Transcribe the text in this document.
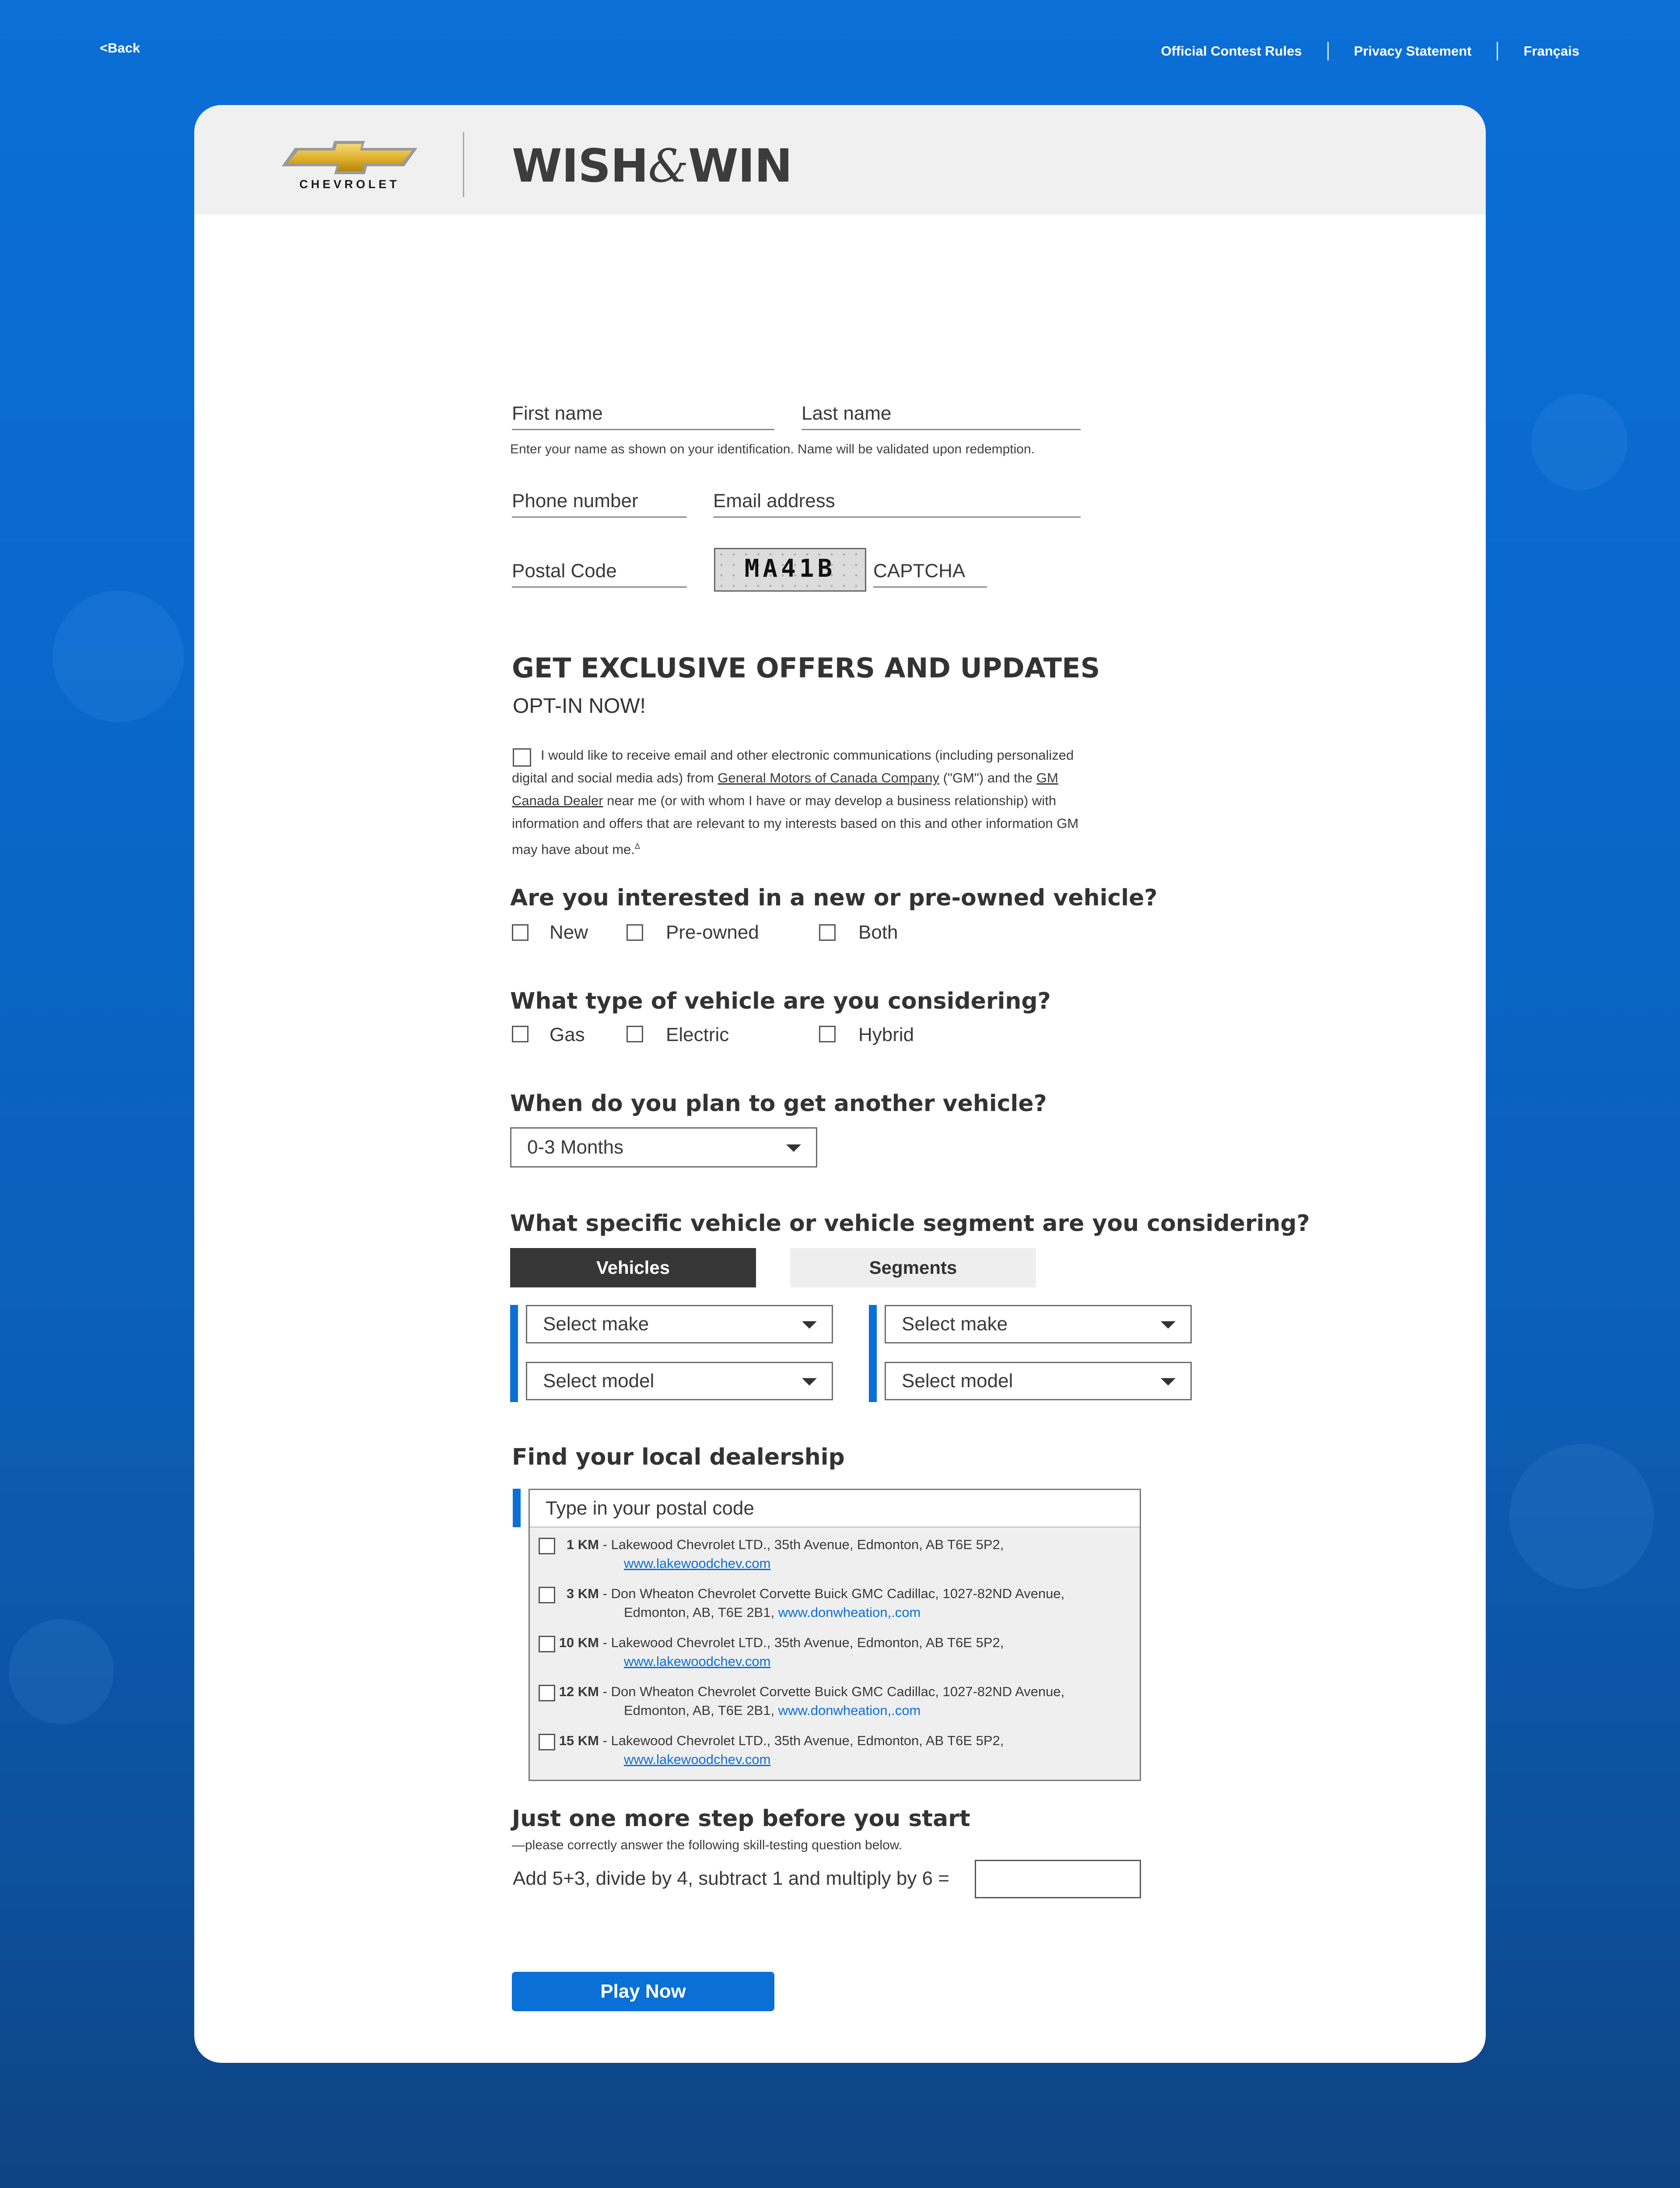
<Back	Official Contest Rules	Privacy Statement	Français
CHEVROLET	WISH&WIN
First name	Last name
Enter your name as shown on your identification. Name will be validated upon redemption.
Phone number	Email address
Postal Code	MA41B	CAPTCHA
GET EXCLUSIVE OFFERS AND UPDATES
OPT-IN NOW!
I would like to receive email and other electronic communications (including personalized digital and social media ads) from General Motors of Canada Company ("GM") and the GM Canada Dealer near me (or with whom I have or may develop a business relationship) with information and offers that are relevant to my interests based on this and other information GM may have about me.$^\Delta$
Are you interested in a new or pre-owned vehicle?
New	Pre-owned	Both
What type of vehicle are you considering?
Gas	Electric	Hybrid
When do you plan to get another vehicle?
0-3 Months
What specific vehicle or vehicle segment are you considering?
Vehicles	Segments
Select make
Select model
Select make
Select model
Find your local dealership
Type in your postal code
1 KM - Lakewood Chevrolet LTD., 35th Avenue, Edmonton, AB T6E 5P2,
www.lakewoodchev.com
3 KM - Don Wheaton Chevrolet Corvette Buick GMC Cadillac, 1027-82ND Avenue,
Edmonton, AB, T6E 2B1, www.donwheation,.com
10 KM - Lakewood Chevrolet LTD., 35th Avenue, Edmonton, AB T6E 5P2,
www.lakewoodchev.com
12 KM - Don Wheaton Chevrolet Corvette Buick GMC Cadillac, 1027-82ND Avenue,
Edmonton, AB, T6E 2B1, www.donwheation,.com
15 KM - Lakewood Chevrolet LTD., 35th Avenue, Edmonton, AB T6E 5P2,
www.lakewoodchev.com
Just one more step before you start
—please correctly answer the following skill-testing question below.
Add 5+3, divide by 4, subtract 1 and multiply by 6 =
Play Now
